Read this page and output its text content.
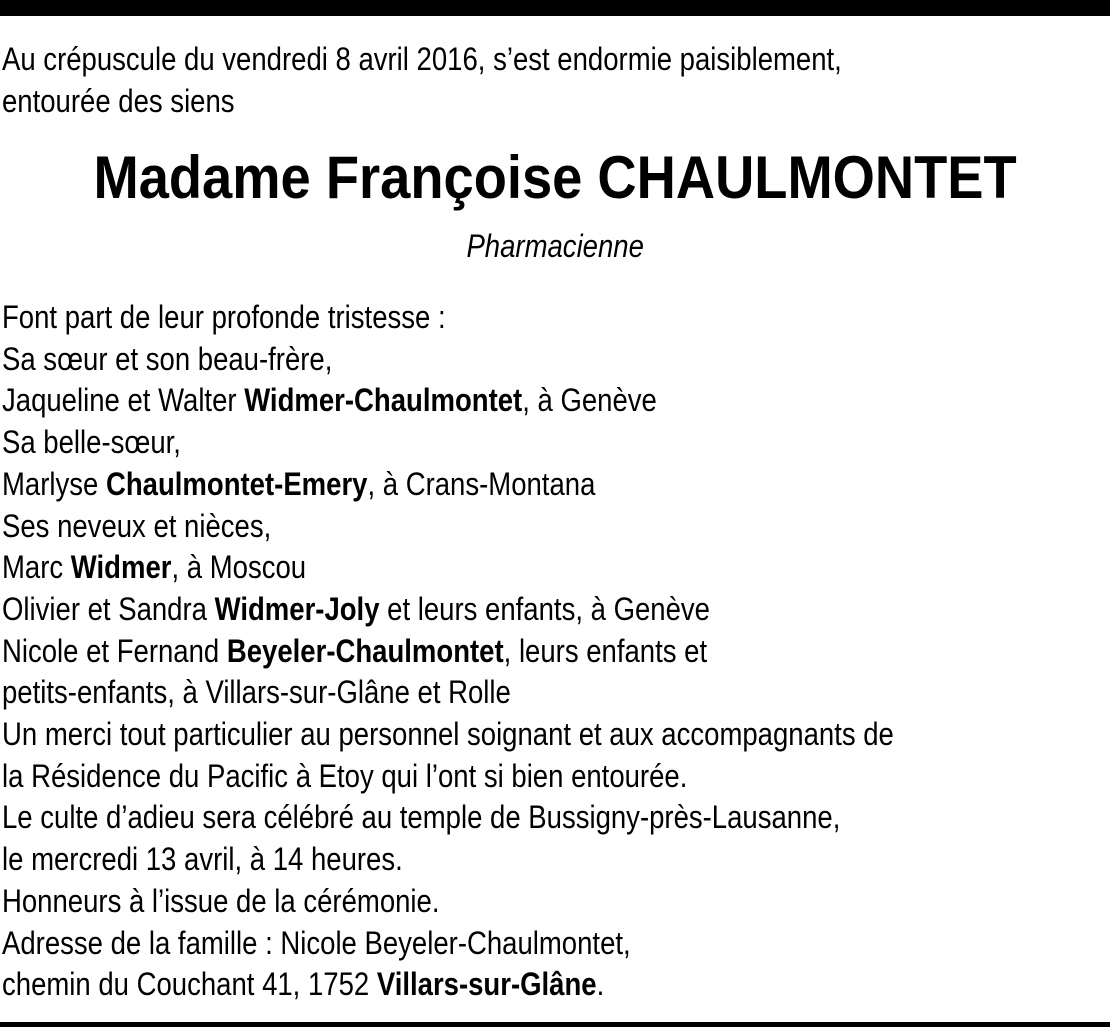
Au crépuscule du vendredi 8 avril 2016, s’est endormie paisiblement,
entourée des siens
Madame Françoise CHAULMONTET
Pharmacienne
Font part de leur profonde tristesse :
Sa sœur et son beau-frère,
Jaqueline et Walter Widmer-Chaulmontet, à Genève
Sa belle-sœur,
Marlyse Chaulmontet-Emery, à Crans-Montana
Ses neveux et nièces,
Marc Widmer, à Moscou
Olivier et Sandra Widmer-Joly et leurs enfants, à Genève
Nicole et Fernand Beyeler-Chaulmontet, leurs enfants et
petits-enfants, à Villars-sur-Glâne et Rolle
Un merci tout particulier au personnel soignant et aux accompagnants de
la Résidence du Pacific à Etoy qui l’ont si bien entourée.
Le culte d’adieu sera célébré au temple de Bussigny-près-Lausanne,
le mercredi 13 avril, à 14 heures.
Honneurs à l’issue de la cérémonie.
Adresse de la famille : Nicole Beyeler-Chaulmontet,
chemin du Couchant 41, 1752 Villars-sur-Glâne.
